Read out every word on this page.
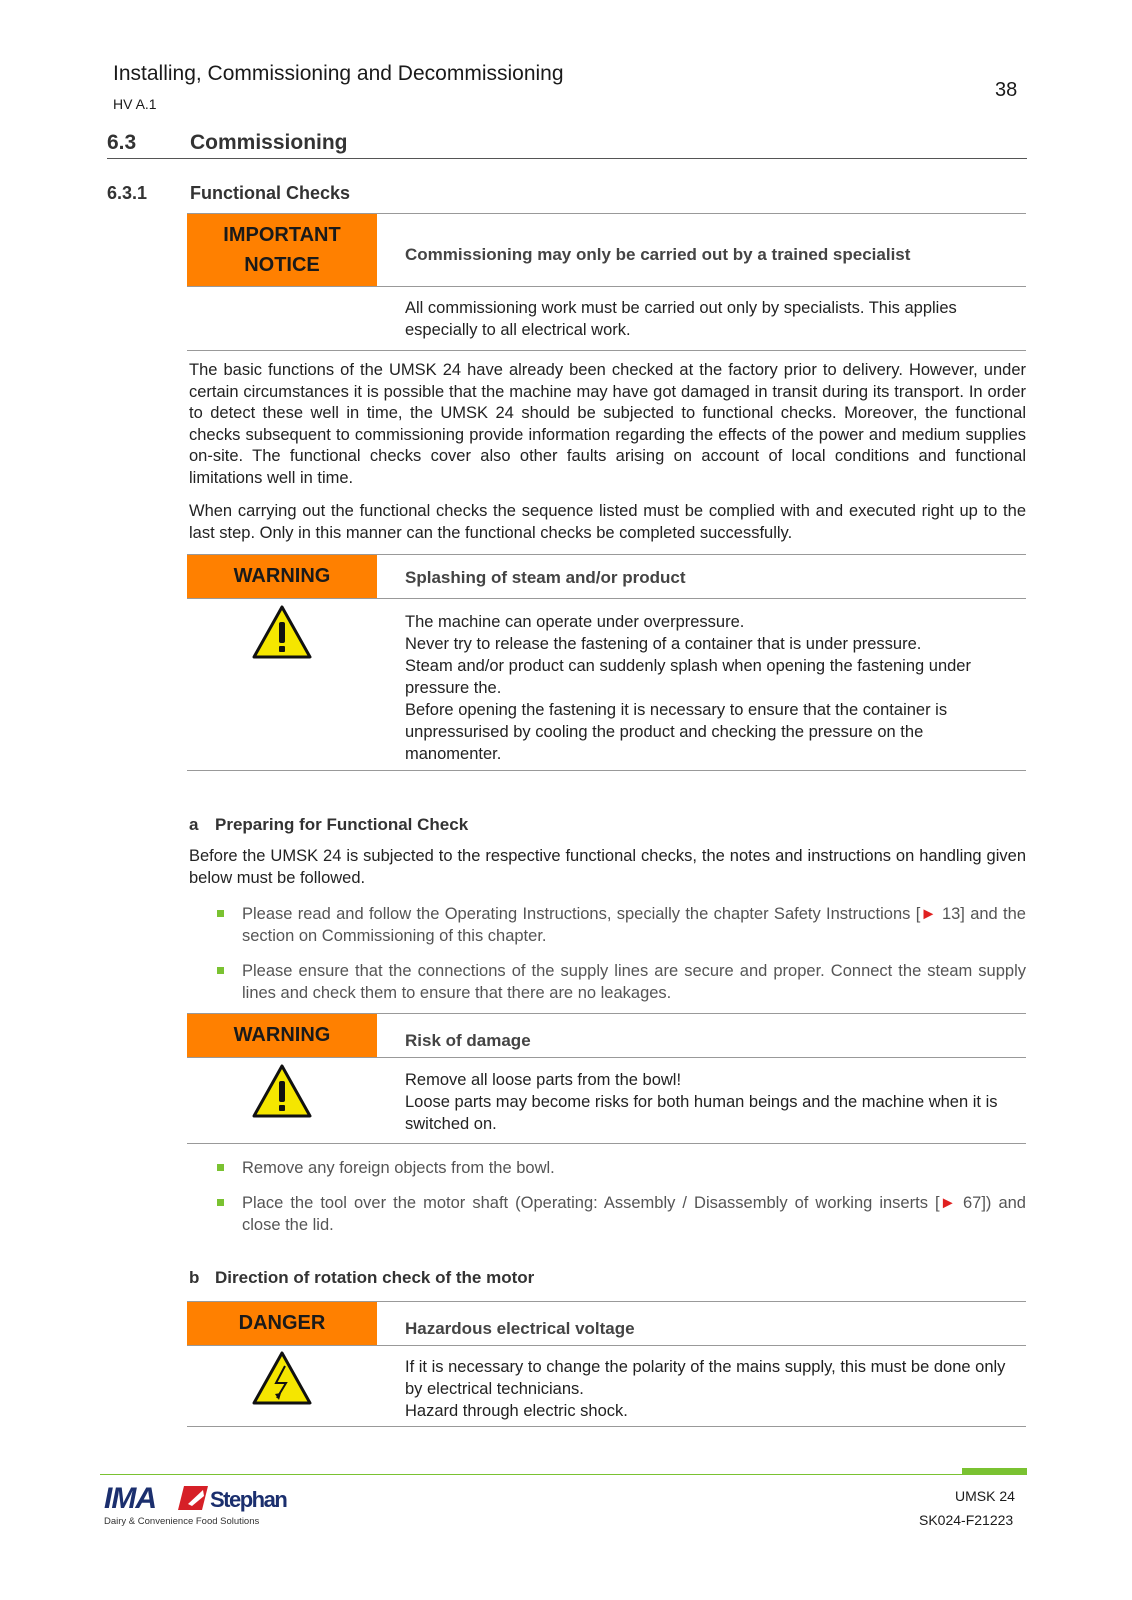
Installing, Commissioning and Decommissioning
HV A.1
38
6.3	Commissioning
6.3.1 Functional Checks
IMPORTANT
NOTICE	Commissioning may only be carried out by a trained specialist
All commissioning work must be carried out only by specialists. This applies especially to all electrical work.
The basic functions of the UMSK 24 have already been checked at the factory prior to delivery. However, under certain circumstances it is possible that the machine may have got damaged in transit during its transport. In order to detect these well in time, the UMSK 24 should be subjected to functional checks. Moreover, the functional checks subsequent to commissioning provide information regarding the effects of the power and medium supplies on-site. The functional checks cover also other faults arising on account of local conditions and functional limitations well in time.
When carrying out the functional checks the sequence listed must be complied with and executed right up to the last step. Only in this manner can the functional checks be completed successfully.
WARNING	Splashing of steam and/or product
The machine can operate under overpressure.
Never try to release the fastening of a container that is under pressure.
Steam and/or product can suddenly splash when opening the fastening under pressure the.
Before opening the fastening it is necessary to ensure that the container is unpressurised by cooling the product and checking the pressure on the manomenter.
a Preparing for Functional Check
Before the UMSK 24 is subjected to the respective functional checks, the notes and instructions on handling given below must be followed.
Please read and follow the Operating Instructions, specially the chapter Safety Instructions [► 13] and the section on Commissioning of this chapter.
Please ensure that the connections of the supply lines are secure and proper. Connect the steam supply lines and check them to ensure that there are no leakages.
WARNING	Risk of damage
Remove all loose parts from the bowl!
Loose parts may become risks for both human beings and the machine when it is switched on.
Remove any foreign objects from the bowl.
Place the tool over the motor shaft (Operating: Assembly / Disassembly of working inserts [► 67]) and close the lid.
b Direction of rotation check of the motor
DANGER	Hazardous electrical voltage
If it is necessary to change the polarity of the mains supply, this must be done only by electrical technicians.
Hazard through electric shock.
IMA Stephan
Dairy & Convenience Food Solutions
UMSK 24
SK024-F21223
